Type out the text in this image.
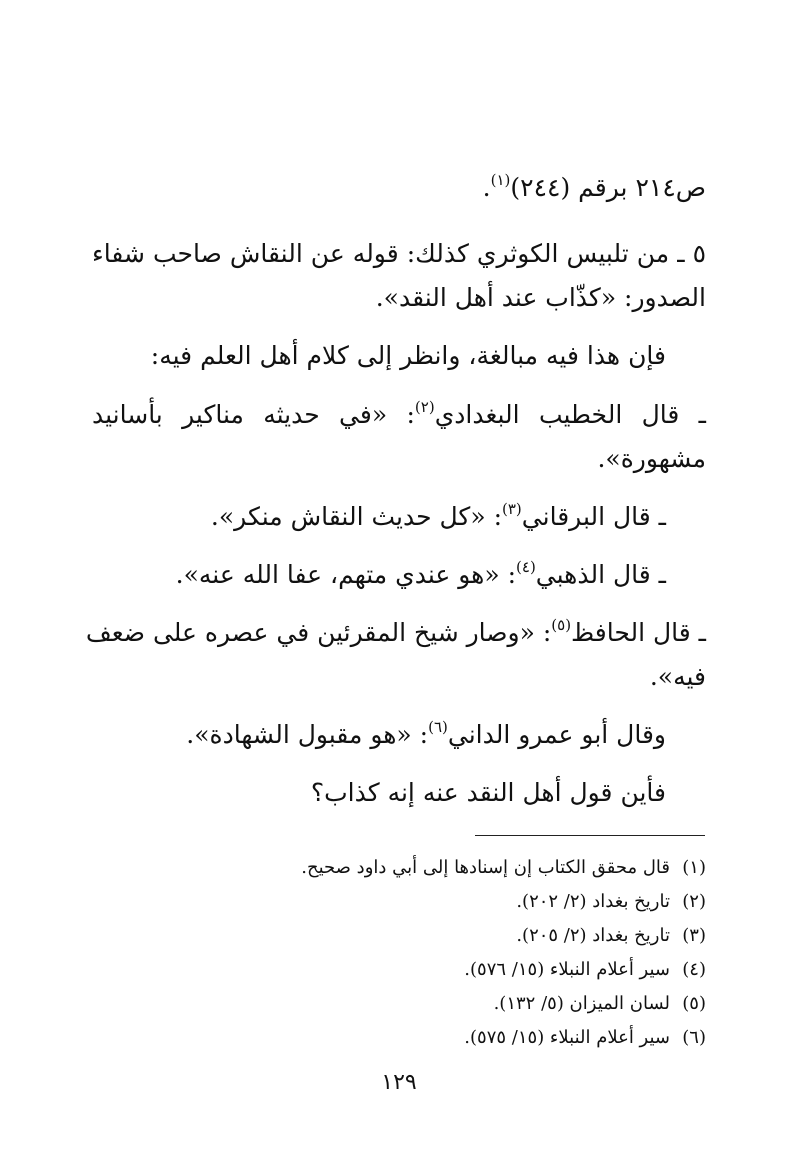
ص٢١٤ برقم (٢٤٤)$^{(١)}$.
٥ ـ من تلبيس الكوثري كذلك: قوله عن النقاش صاحب شفاء
الصدور: «كذّاب عند أهل النقد».
فإن هذا فيه مبالغة، وانظر إلى كلام أهل العلم فيه:
ـ قال الخطيب البغدادي$^{(٢)}$: «في حديثه مناكير بأسانيد
مشهورة».
ـ قال البرقاني$^{(٣)}$: «كل حديث النقاش منكر».
ـ قال الذهبي$^{(٤)}$: «هو عندي متهم، عفا الله عنه».
ـ قال الحافظ$^{(٥)}$: «وصار شيخ المقرئين في عصره على ضعف
فيه».
وقال أبو عمرو الداني$^{(٦)}$: «هو مقبول الشهادة».
فأين قول أهل النقد عنه إنه كذاب؟
(١)قال محقق الكتاب إن إسنادها إلى أبي داود صحيح.
(٢)تاريخ بغداد (٢/ ٢٠٢).
(٣)تاريخ بغداد (٢/ ٢٠٥).
(٤)سير أعلام النبلاء (١٥/ ٥٧٦).
(٥)لسان الميزان (٥/ ١٣٢).
(٦)سير أعلام النبلاء (١٥/ ٥٧٥).
١٢٩
